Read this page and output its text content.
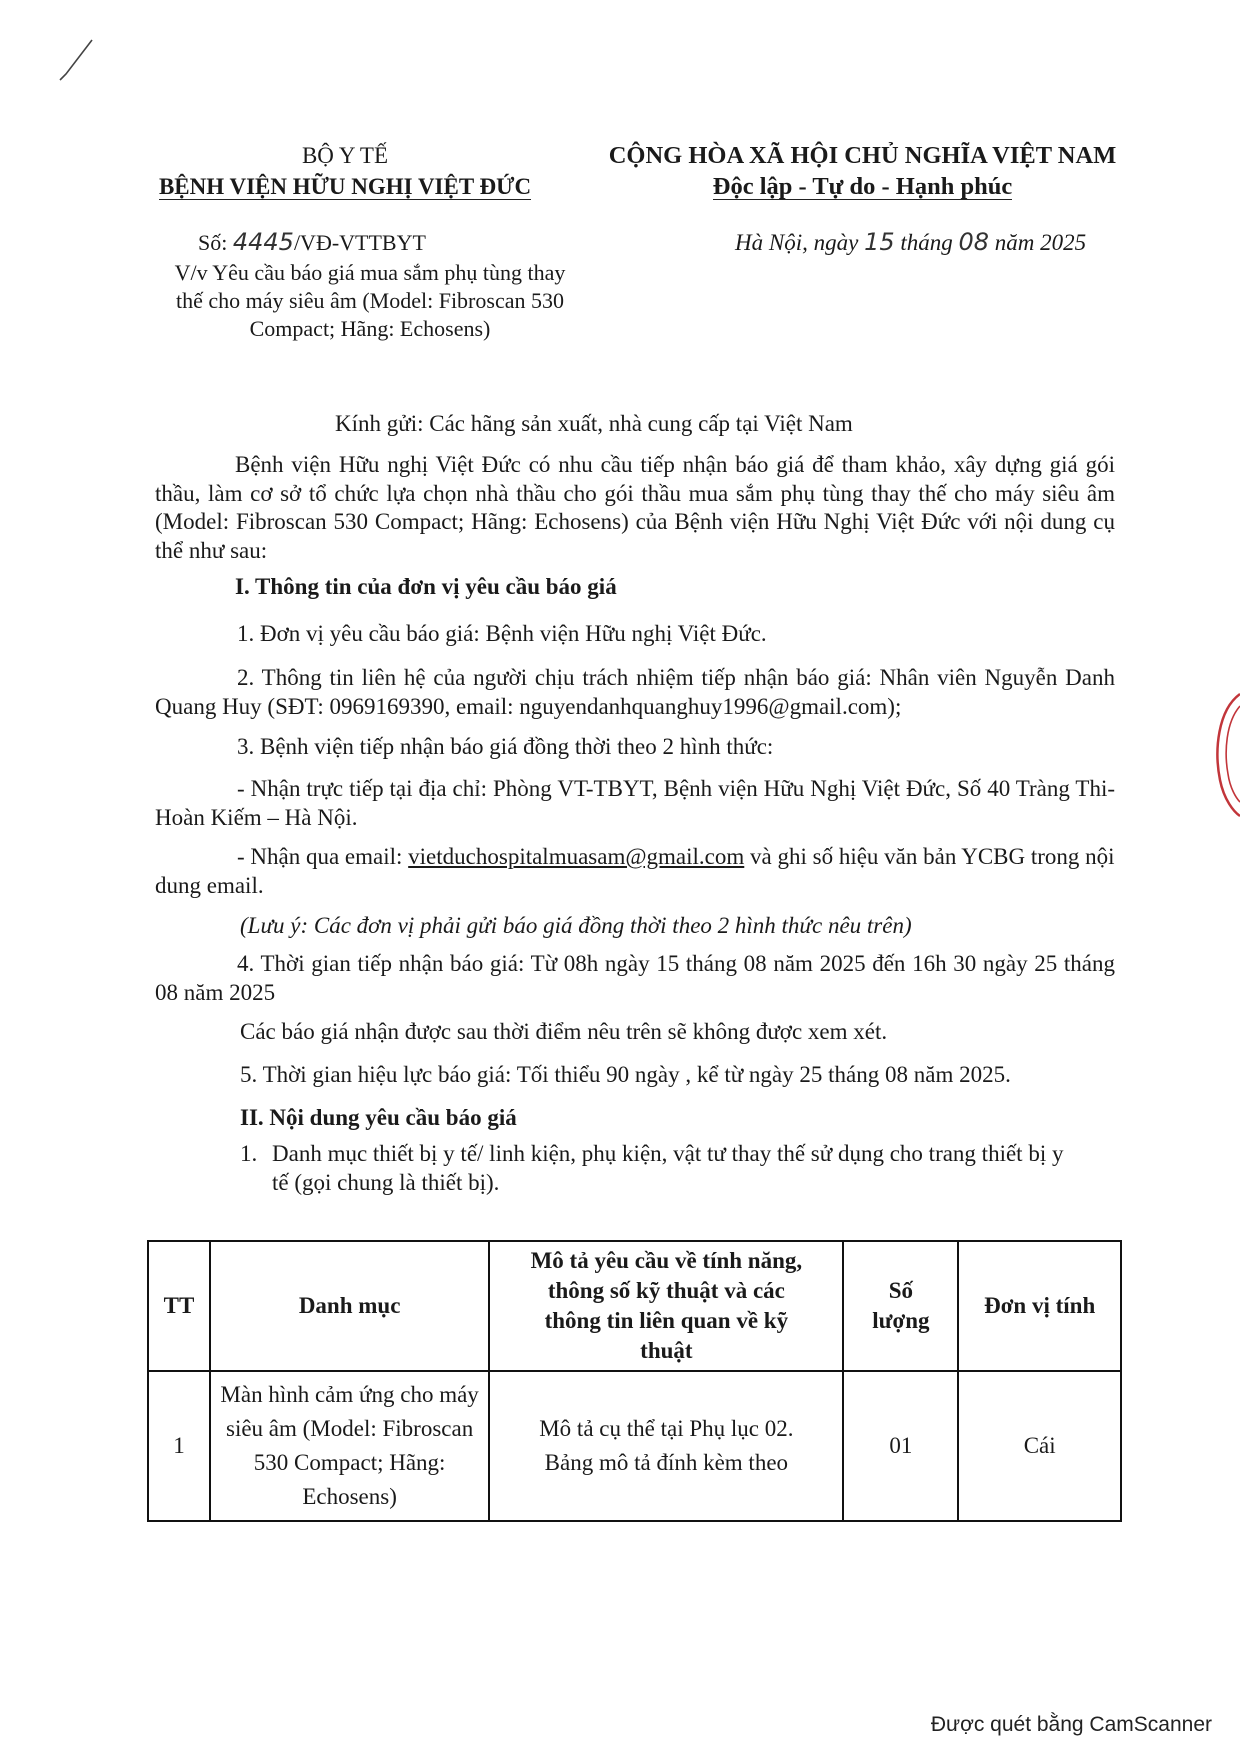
BỘ Y TẾ
BỆNH VIỆN HỮU NGHỊ VIỆT ĐỨC
CỘNG HÒA XÃ HỘI CHỦ NGHĨA VIỆT NAM
Độc lập - Tự do - Hạnh phúc
Số: 4445/VĐ-VTTBYT	Hà Nội, ngày 15 tháng 08 năm 2025
V/v Yêu cầu báo giá mua sắm phụ tùng thay thế cho máy siêu âm (Model: Fibroscan 530 Compact; Hãng: Echosens)
Kính gửi: Các hãng sản xuất, nhà cung cấp tại Việt Nam
Bệnh viện Hữu nghị Việt Đức có nhu cầu tiếp nhận báo giá để tham khảo, xây dựng giá gói thầu, làm cơ sở tổ chức lựa chọn nhà thầu cho gói thầu mua sắm phụ tùng thay thế cho máy siêu âm (Model: Fibroscan 530 Compact; Hãng: Echosens) của Bệnh viện Hữu Nghị Việt Đức với nội dung cụ thể như sau:
I. Thông tin của đơn vị yêu cầu báo giá
1. Đơn vị yêu cầu báo giá: Bệnh viện Hữu nghị Việt Đức.
2. Thông tin liên hệ của người chịu trách nhiệm tiếp nhận báo giá: Nhân viên Nguyễn Danh Quang Huy (SĐT: 0969169390, email: nguyendanhquanghuy1996@gmail.com);
3. Bệnh viện tiếp nhận báo giá đồng thời theo 2 hình thức:
- Nhận trực tiếp tại địa chỉ: Phòng VT-TBYT, Bệnh viện Hữu Nghị Việt Đức, Số 40 Tràng Thi- Hoàn Kiếm – Hà Nội.
- Nhận qua email: vietduchospitalmuasam@gmail.com và ghi số hiệu văn bản YCBG trong nội dung email.
(Lưu ý: Các đơn vị phải gửi báo giá đồng thời theo 2 hình thức nêu trên)
4. Thời gian tiếp nhận báo giá: Từ 08h ngày 15 tháng 08 năm 2025 đến 16h 30 ngày 25 tháng 08 năm 2025
Các báo giá nhận được sau thời điểm nêu trên sẽ không được xem xét.
5. Thời gian hiệu lực báo giá: Tối thiểu 90 ngày , kể từ ngày 25 tháng 08 năm 2025.
II. Nội dung yêu cầu báo giá
1. Danh mục thiết bị y tế/ linh kiện, phụ kiện, vật tư thay thế sử dụng cho trang thiết bị y tế (gọi chung là thiết bị).
TT	Danh mục	Mô tả yêu cầu về tính năng, thông số kỹ thuật và các thông tin liên quan về kỹ thuật	Số lượng	Đơn vị tính
1	Màn hình cảm ứng cho máy siêu âm (Model: Fibroscan 530 Compact; Hãng: Echosens)	Mô tả cụ thể tại Phụ lục 02. Bảng mô tả đính kèm theo	01	Cái
Được quét bằng CamScanner
